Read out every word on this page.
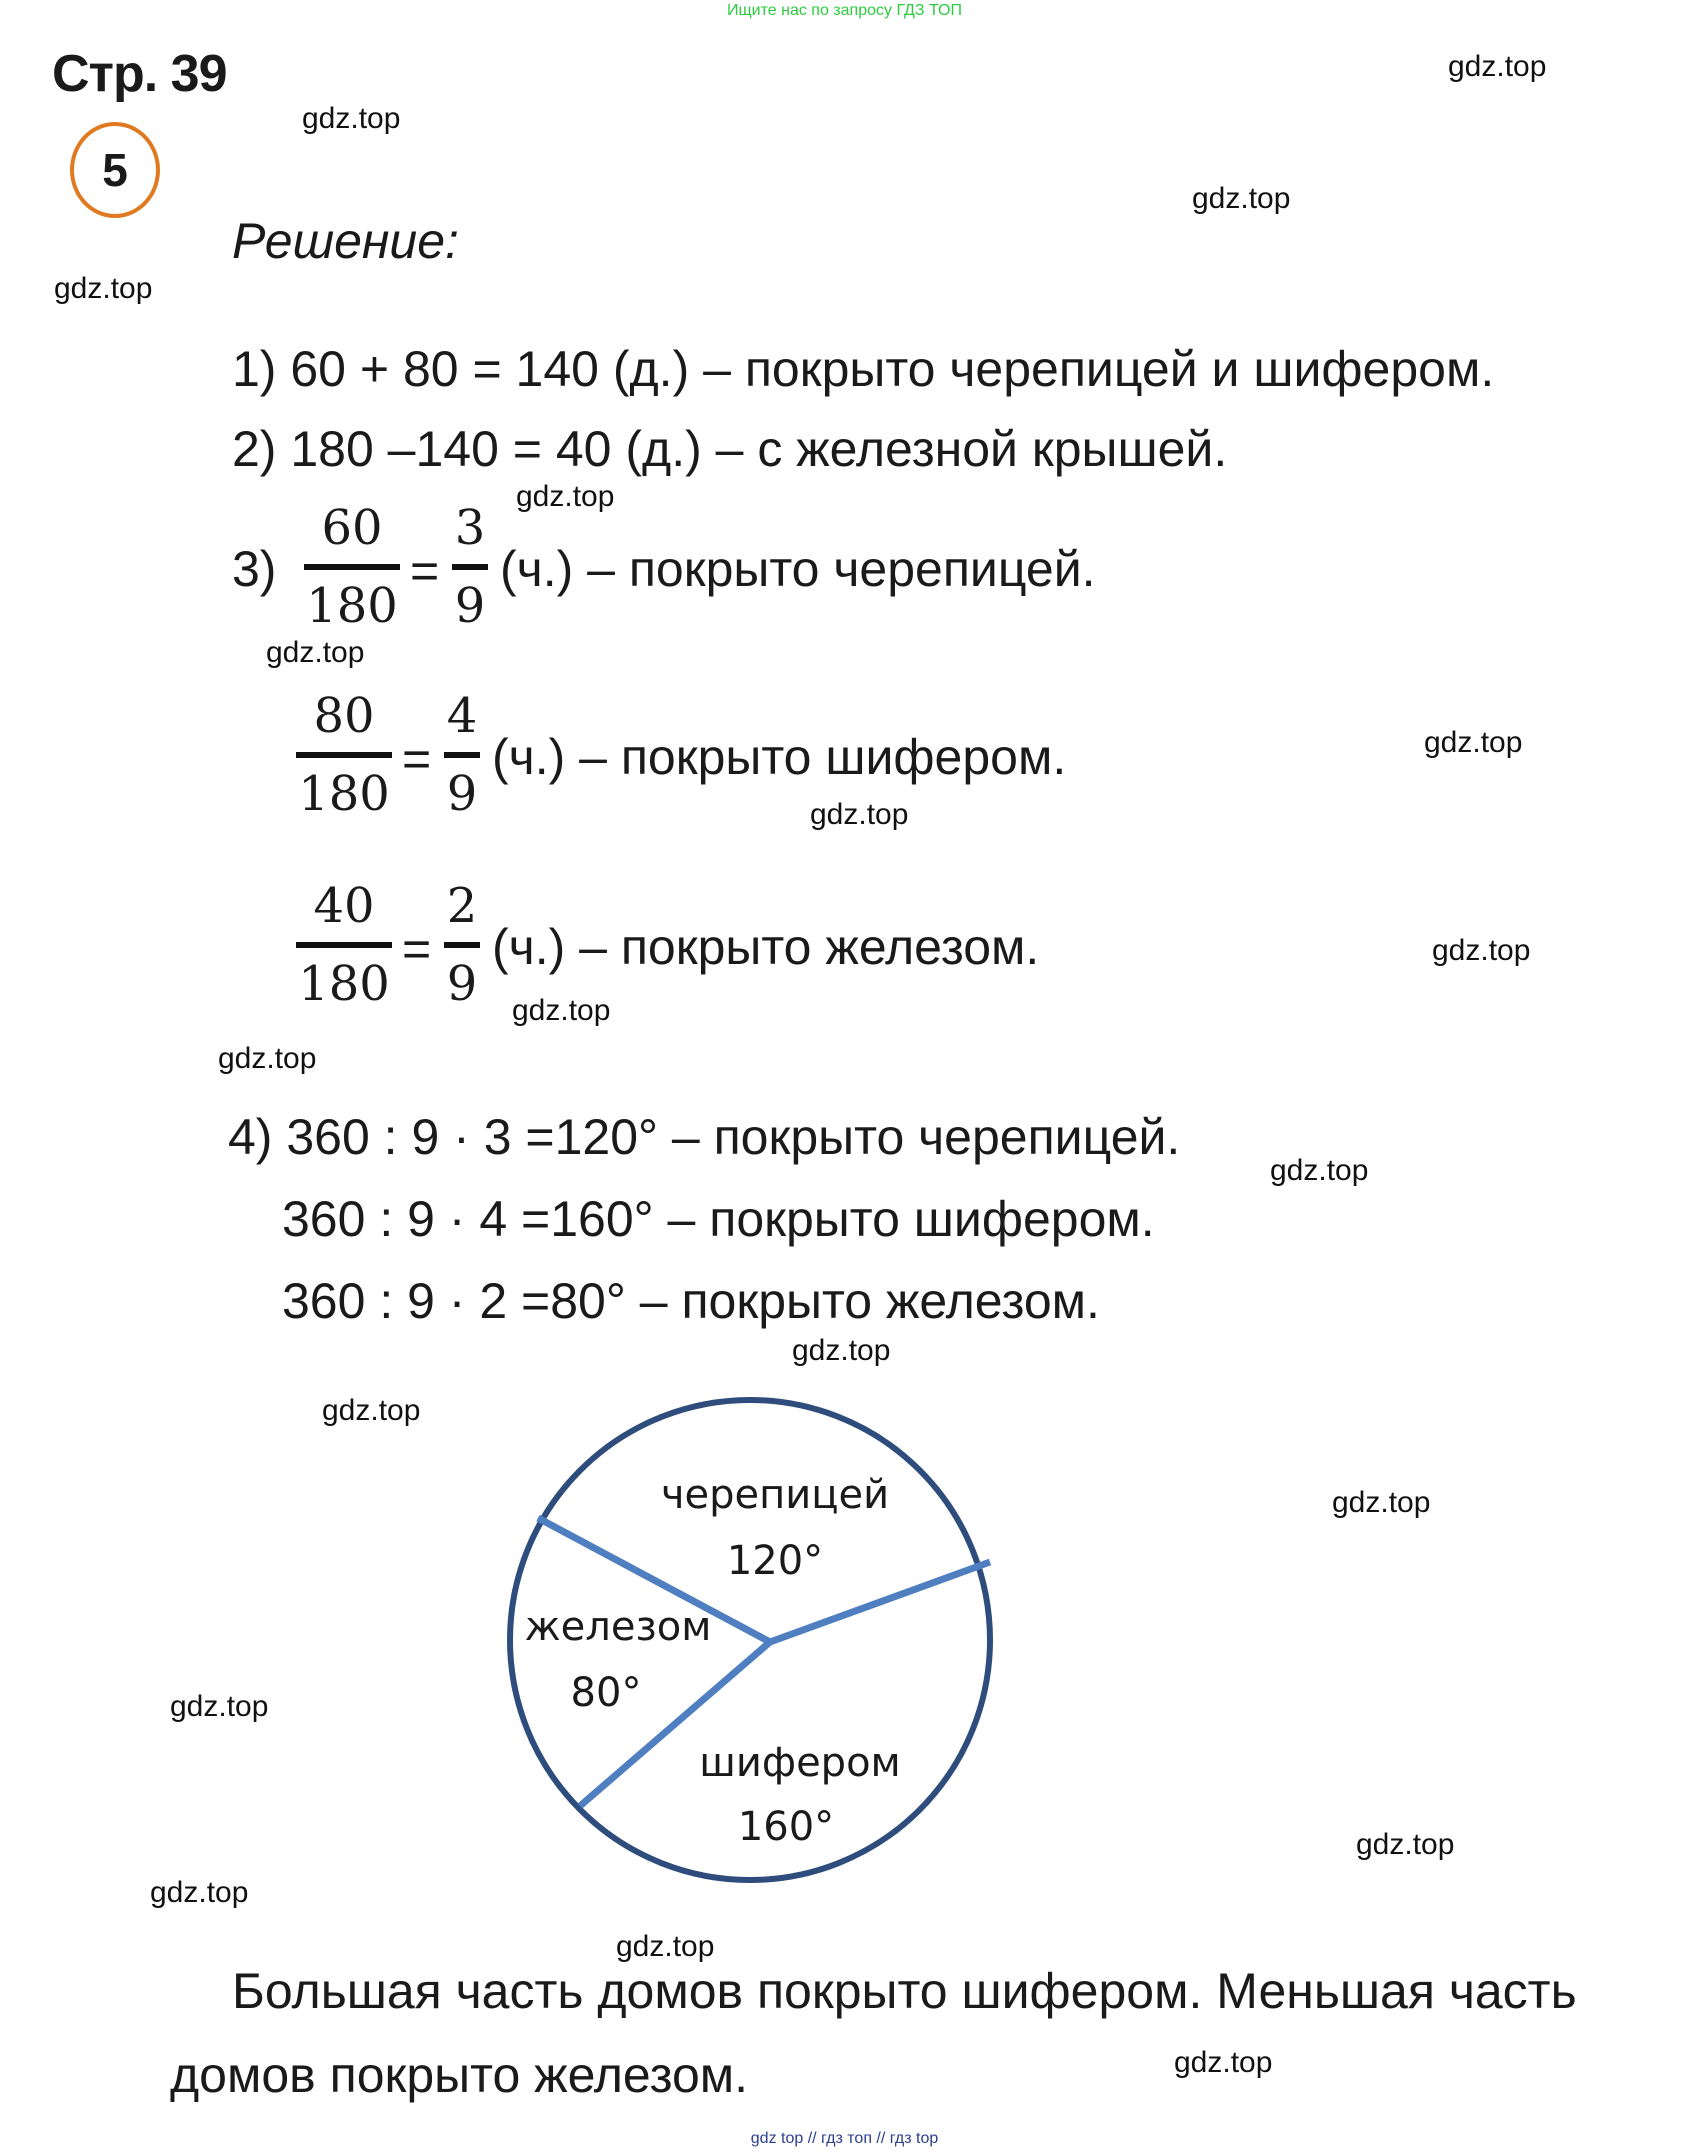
Ищите нас по запросу ГДЗ ТОП
Стр. 39
5
Решение:
1) 60 + 80 = 140 (д.) – покрыто черепицей и шифером.
2) 180 –140 = 40 (д.) – с железной крышей.
3)
60
180
=
3
9
(ч.) – покрыто черепицей.
80
180
=
4
9
(ч.) – покрыто шифером.
40
180
=
2
9
(ч.) – покрыто железом.
4) 360 : 9 · 3 =120° – покрыто черепицей.
360 : 9 · 4 =160° – покрыто шифером.
360 : 9 · 2 =80° – покрыто железом.
черепицей
120°
шифером
160°
железом
80°
Большая часть домов покрыто шифером. Меньшая часть
домов покрыто железом.
gdz.top
gdz.top
gdz.top
gdz.top
gdz.top
gdz.top
gdz.top
gdz.top
gdz.top
gdz.top
gdz.top
gdz.top
gdz.top
gdz.top
gdz.top
gdz.top
gdz.top
gdz.top
gdz.top
gdz.top
gdz top // гдз топ // гдз top
